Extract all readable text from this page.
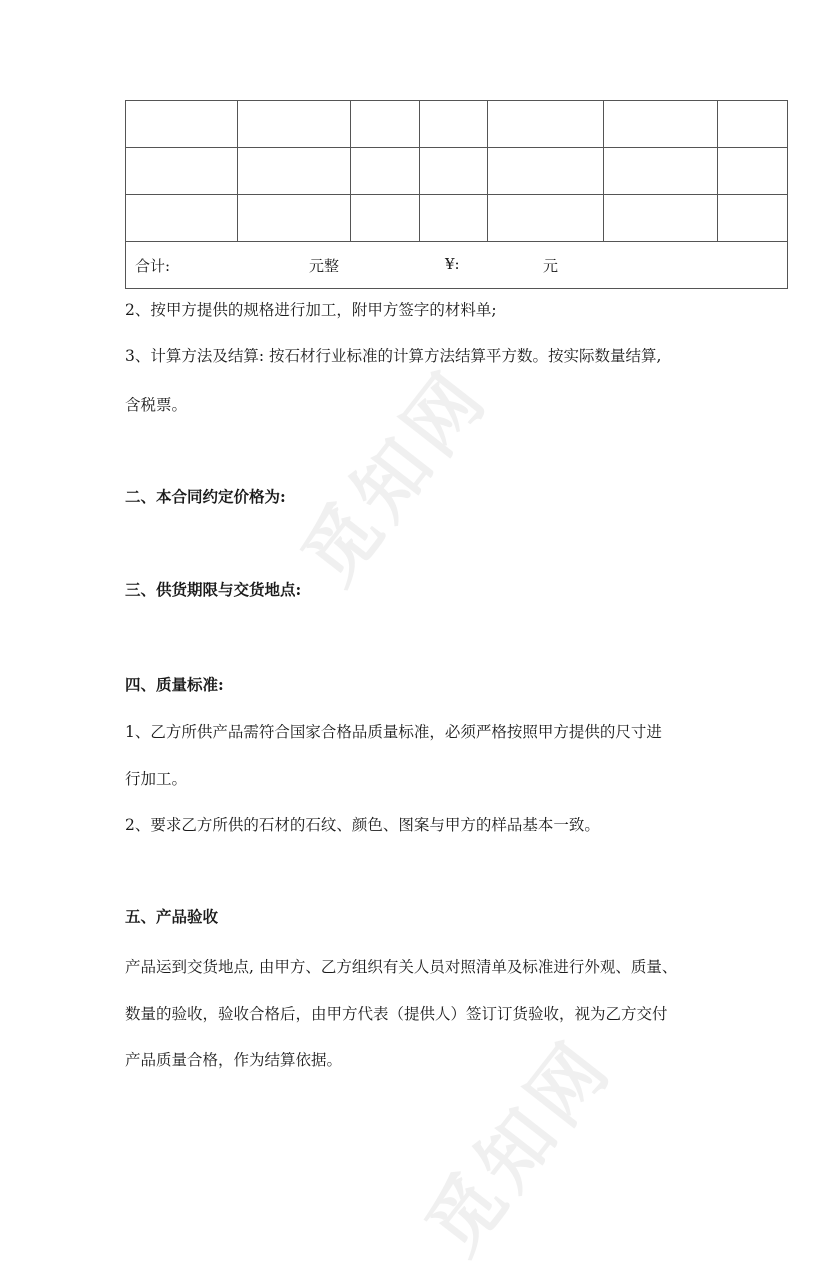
合计: 元整 ¥: 元						
2、按甲方提供的规格进行加工，附甲方签字的材料单;
3、计算方法及结算: 按石材行业标准的计算方法结算平方数。按实际数量结算,
含税票。
二、本合同约定价格为:
三、供货期限与交货地点:
四、质量标准:
1、乙方所供产品需符合国家合格品质量标准，必须严格按照甲方提供的尺寸进
行加工。
2、要求乙方所供的石材的石纹、颜色、图案与甲方的样品基本一致。
五、产品验收
产品运到交货地点, 由甲方、乙方组织有关人员对照清单及标准进行外观、质量、
数量的验收，验收合格后，由甲方代表（提供人）签订订货验收，视为乙方交付
产品质量合格，作为结算依据。
觅知网
觅知网
